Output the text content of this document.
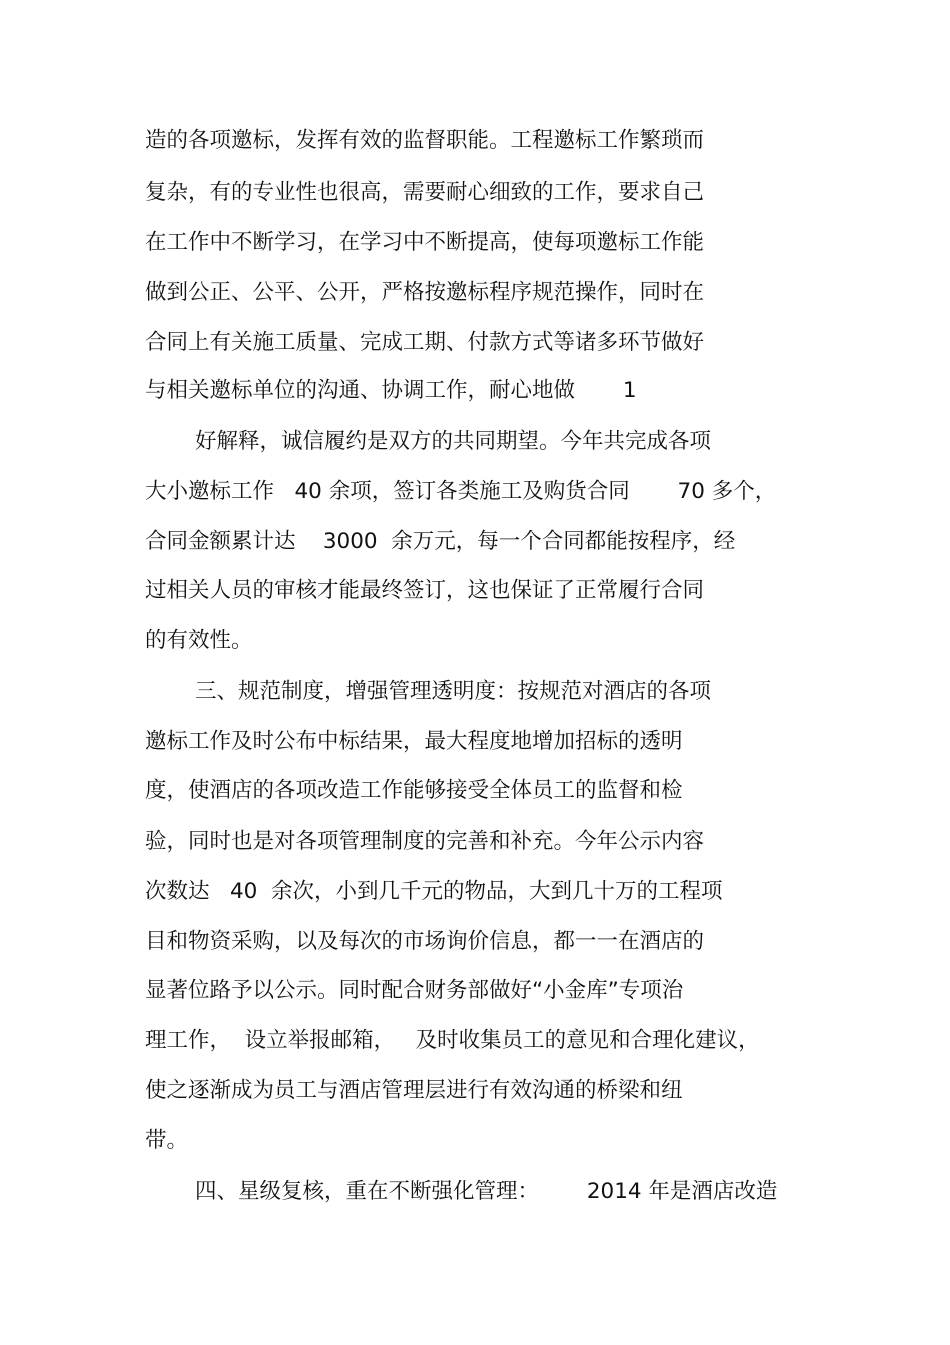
造的各项邀标，发挥有效的监督职能。工程邀标工作繁琐而
复杂，有的专业性也很高，需要耐心细致的工作，要求自己
在工作中不断学习，在学习中不断提高，使每项邀标工作能
做到公正、公平、公开，严格按邀标程序规范操作，同时在
合同上有关施工质量、完成工期、付款方式等诸多环节做好
与相关邀标单位的沟通、协调工作，耐心地做       1
好解释，诚信履约是双方的共同期望。今年共完成各项
大小邀标工作   40 余项，签订各类施工及购货合同       70 多个，
合同金额累计达    3000  余万元，每一个合同都能按程序，经
过相关人员的审核才能最终签订，这也保证了正常履行合同
的有效性。
三、规范制度，增强管理透明度：按规范对酒店的各项
邀标工作及时公布中标结果，最大程度地增加招标的透明
度，使酒店的各项改造工作能够接受全体员工的监督和检
验，同时也是对各项管理制度的完善和补充。今年公示内容
次数达   40  余次，小到几千元的物品，大到几十万的工程项
目和物资采购，以及每次的市场询价信息，都一一在酒店的
显著位路予以公示。同时配合财务部做好“小金库”专项治
理工作，  设立举报邮箱，   及时收集员工的意见和合理化建议，
使之逐渐成为员工与酒店管理层进行有效沟通的桥梁和纽
带。
四、星级复核，重在不断强化管理：       2014 年是酒店改造
